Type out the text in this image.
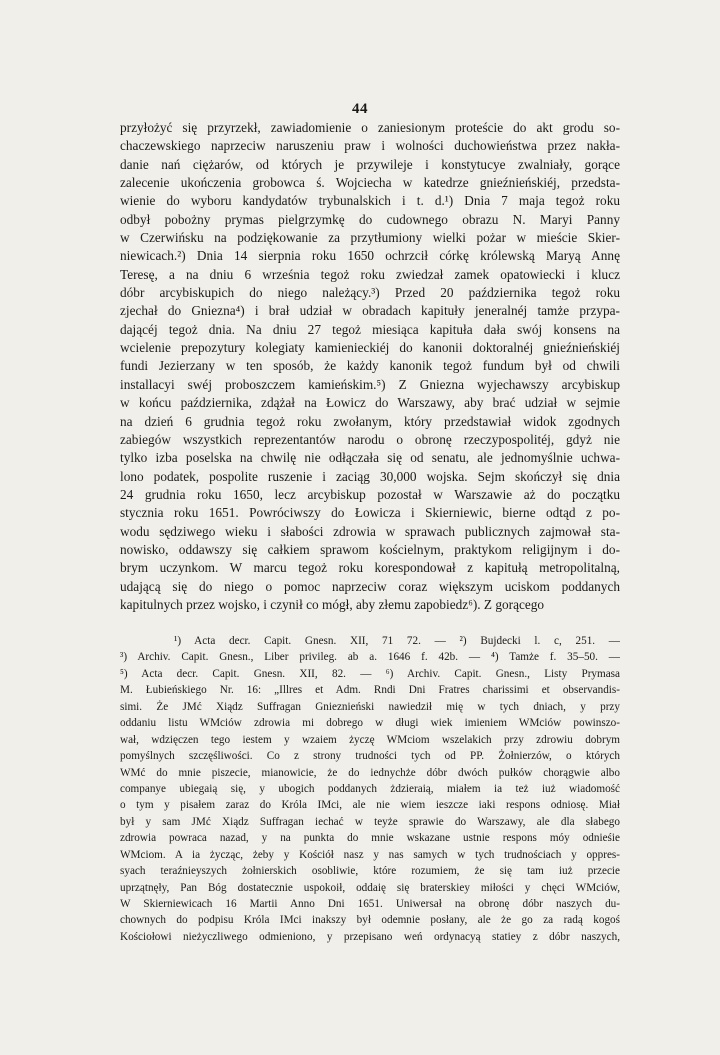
44
przyłożyć się przyrzekł, zawiadomienie o zaniesionym proteście do akt grodu so-
chaczewskiego naprzeciw naruszeniu praw i wolności duchowieństwa przez nakła-
danie nań ciężarów, od których je przywileje i konstytucye zwalniały, gorące
zalecenie ukończenia grobowca ś. Wojciecha w katedrze gnieźnieńskiéj, przedsta-
wienie do wyboru kandydatów trybunalskich i t. d.¹) Dnia 7 maja tegoż roku
odbył pobożny prymas pielgrzymkę do cudownego obrazu N. Maryi Panny
w Czerwińsku na podziękowanie za przytłumiony wielki pożar w mieście Skier-
niewicach.²) Dnia 14 sierpnia roku 1650 ochrzcił córkę królewską Maryą Annę
Teresę, a na dniu 6 września tegoż roku zwiedzał zamek opatowiecki i klucz
dóbr arcybiskupich do niego należący.³) Przed 20 października tegoż roku
zjechał do Gniezna⁴) i brał udział w obradach kapituły jeneralnéj tamże przypa-
dającéj tegoż dnia. Na dniu 27 tegoż miesiąca kapituła dała swój konsens na
wcielenie prepozytury kolegiaty kamienieckiéj do kanonii doktoralnéj gnieźnieńskiéj
fundi Jezierzany w ten sposób, że każdy kanonik tegoż fundum był od chwili
installacyi swéj proboszczem kamieńskim.⁵) Z Gniezna wyjechawszy arcybiskup
w końcu października, zdążał na Łowicz do Warszawy, aby brać udział w sejmie
na dzień 6 grudnia tegoż roku zwołanym, który przedstawiał widok zgodnych
zabiegów wszystkich reprezentantów narodu o obronę rzeczypospolitéj, gdyż nie
tylko izba poselska na chwilę nie odłączała się od senatu, ale jednomyślnie uchwa-
lono podatek, pospolite ruszenie i zaciąg 30,000 wojska. Sejm skończył się dnia
24 grudnia roku 1650, lecz arcybiskup pozostał w Warszawie aż do początku
stycznia roku 1651. Powróciwszy do Łowicza i Skierniewic, bierne odtąd z po-
wodu sędziwego wieku i słabości zdrowia w sprawach publicznych zajmował sta-
nowisko, oddawszy się całkiem sprawom kościelnym, praktykom religijnym i do-
brym uczynkom. W marcu tegoż roku korespondował z kapitułą metropolitalną,
udającą się do niego o pomoc naprzeciw coraz większym uciskom poddanych
kapitulnych przez wojsko, i czynił co mógł, aby złemu zapobiedz⁶). Z gorącego
¹) Acta decr. Capit. Gnesn. XII, 71 72. — ²) Bujdecki l. c, 251. —
³) Archiv. Capit. Gnesn., Liber privileg. ab a. 1646 f. 42b. — ⁴) Tamże f. 35–50. —
⁵) Acta decr. Capit. Gnesn. XII, 82. — ⁶) Archiv. Capit. Gnesn., Listy Prymasa
M. Łubieńskiego Nr. 16: „Illres et Adm. Rndi Dni Fratres charissimi et observandis-
simi. Że JMć Xiądz Suffragan Gnieznieński nawiedził mię w tych dniach, y przy
oddaniu listu WMciów zdrowia mi dobrego w długi wiek imieniem WMciów powinszo-
wał, wdzięczen tego iestem y wzaiem życzę WMciom wszelakich przy zdrowiu dobrym
pomyślnych szczęśliwości. Co z strony trudności tych od PP. Żołnierzów, o których
WMć do mnie piszecie, mianowicie, że do iednychże dóbr dwóch pułków chorągwie albo
companye ubiegaią się, y ubogich poddanych żdzieraią, miałem ia też iuż wiadomość
o tym y pisałem zaraz do Króla IMci, ale nie wiem ieszcze iaki respons odniosę. Miał
był y sam JMć Xiądz Suffragan iechać w teyże sprawie do Warszawy, ale dla słabego
zdrowia powraca nazad, y na punkta do mnie wskazane ustnie respons móy odnieśie
WMciom. A ia życząc, żeby y Kościół nasz y nas samych w tych trudnościach y oppres-
syach teraźnieyszych żołnierskich osobliwie, które rozumiem, że się tam iuż przecie
uprzątnęły, Pan Bóg dostatecznie uspokoił, oddaię się braterskiey miłości y chęci WMciów,
W Skierniewicach 16 Martii Anno Dni 1651. Uniwersał na obronę dóbr naszych du-
chownych do podpisu Króla IMci inakszy był odemnie posłany, ale że go za radą kogoś
Kościołowi nieżyczliwego odmieniono, y przepisano weń ordynacyą statiey z dóbr naszych,
